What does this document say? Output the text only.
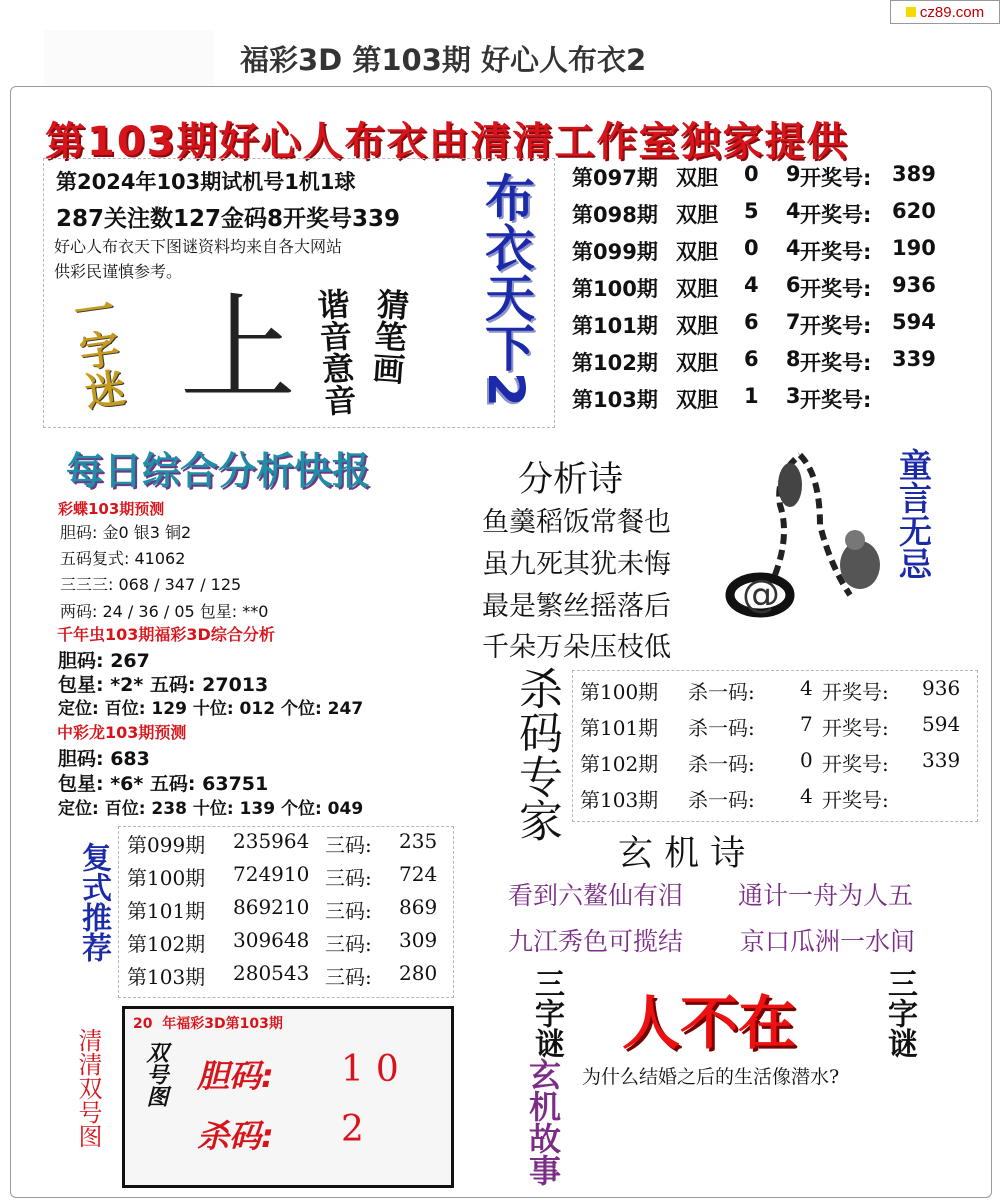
cz89.com
福彩3D 第103期 好心人布衣2
第103期好心人布衣由清清工作室独家提供
第2024年103期试机号1机1球
287关注数127金码8开奖号339
好心人布衣天下图谜资料均来自各大网站
供彩民谨慎参考。
一字迷 上 猜笔画
谐音意音 布衣天下2 第097期 双胆 0 9
开奖号: 389
第098期 双胆 5 4
开奖号: 620
第099期 双胆 0 4
开奖号: 190
第100期 双胆 4 6
开奖号: 936
第101期 双胆 6 7
开奖号: 594
第102期 双胆 6 8
开奖号: 339
第103期 双胆 1 3
开奖号:
每日综合分析快报
彩蝶103期预测
胆码: 金0 银3 铜2
五码复式: 41062
三三三: 068 / 347 / 125
两码: 24 / 36 / 05 包星: **0
千年虫103期福彩3D综合分析
胆码: 267
包星: *2* 五码: 27013
定位: 百位: 129 十位: 012 个位: 247
中彩龙103期预测
胆码: 683
包星: *6* 五码: 63751
定位: 百位: 238 十位: 139 个位: 049
分析诗
鱼羹稻饭常餐也
虽九死其犹未悔
最是繁丝摇落后
千朵万朵压枝低
@
童言无忌
杀码专家 第100期 杀一码: 4 开奖号: 936
第101期 杀一码: 7 开奖号: 594
第102期 杀一码: 0 开奖号: 339
第103期 杀一码: 4 开奖号:
玄 机 诗
看到六鳌仙有泪 通计一舟为人五
九江秀色可揽结 京口瓜洲一水间
复式推荐 第099期 235964 三码: 235
第100期 724910 三码: 724
第101期 869210 三码: 869
第102期 309648 三码: 309
第103期 280543 三码: 280	三字谜	三字谜
人不在
为什么结婚之后的生活像潜水?
玄机故事
清清双号图
20 年福彩3D第103期
双号图 胆码: 10
杀码: 2
